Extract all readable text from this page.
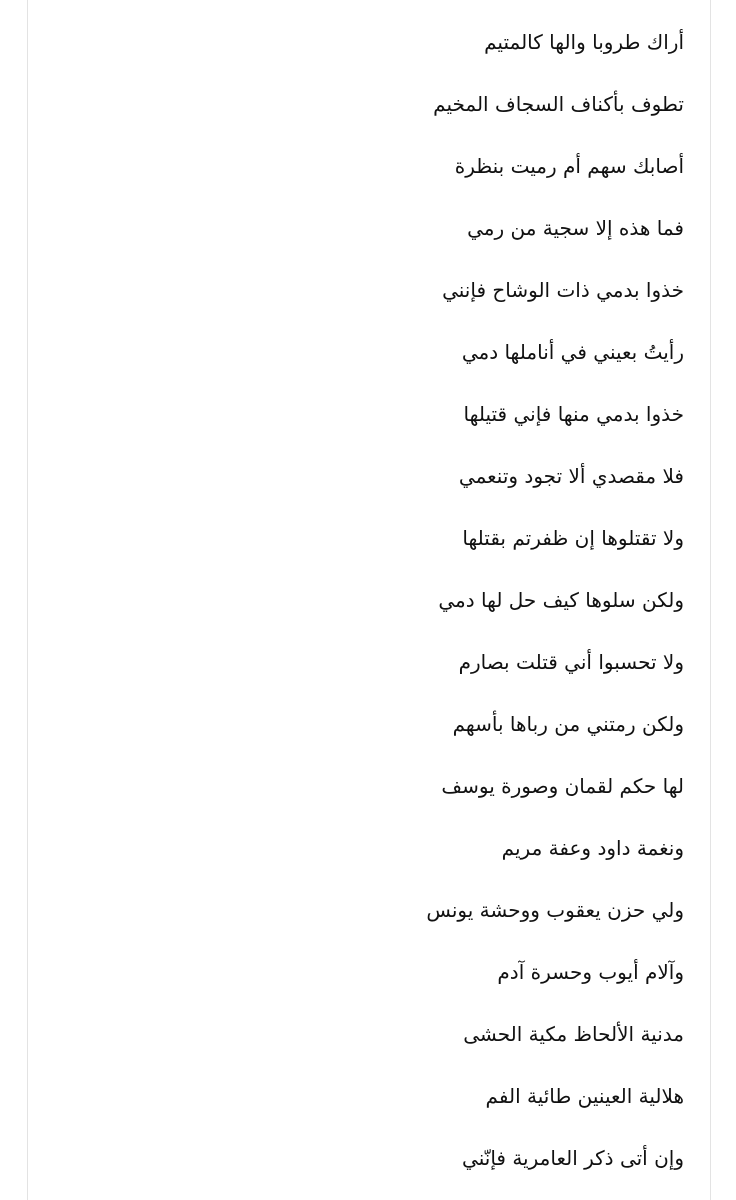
أراك طروبا والها كالمتيم
تطوف بأكناف السجاف المخيم
أصابك سهم أم رميت بنظرة
فما هذه إلا سجية من رمي
خذوا بدمي ذات الوشاح فإنني
رأيتُ بعيني في أناملها دمي
خذوا بدمي منها فإني قتيلها
فلا مقصدي ألا تجود وتنعمي
ولا تقتلوها إن ظفرتم بقتلها
ولكن سلوها كيف حل لها دمي
ولا تحسبوا أني قتلت بصارم
ولكن رمتني من رباها بأسهم
لها حكم لقمان وصورة يوسف
ونغمة داود وعفة مريم
ولي حزن يعقوب ووحشة يونس
وآلام أيوب وحسرة آدم
مدنية الألحاظ مكية الحشى
هلالية العينين طائية الفم
وإن أتى ذكر العامرية فإنّني
